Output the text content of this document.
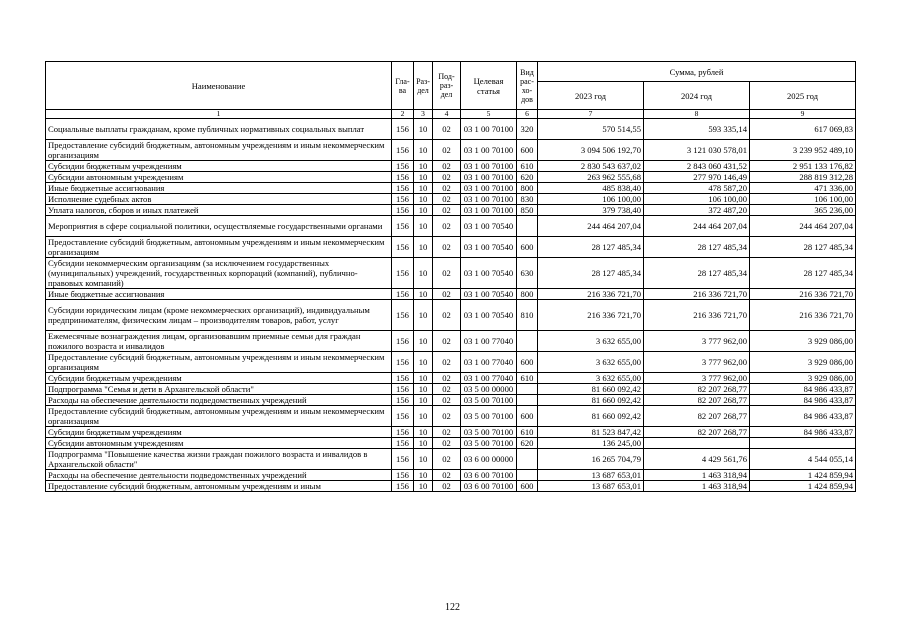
Наименование	Гла-ва	Раз-дел	Под-раз-дел	Целевая статья	Вид рас-хо-дов	Сумма, рублей		
						2023 год	2024 год	2025 год
1	2	3	4	5	6	7	8	9
Социальные выплаты гражданам, кроме публичных нормативных социальных выплат	156	10	02	03 1 00 70100	320	570 514,55	593 335,14	617 069,83
Предоставление субсидий бюджетным, автономным учреждениям и иным некоммерческим организациям	156	10	02	03 1 00 70100	600	3 094 506 192,70	3 121 030 578,01	3 239 952 489,10
Субсидии бюджетным учреждениям	156	10	02	03 1 00 70100	610	2 830 543 637,02	2 843 060 431,52	2 951 133 176,82
Субсидии автономным учреждениям	156	10	02	03 1 00 70100	620	263 962 555,68	277 970 146,49	288 819 312,28
Иные бюджетные ассигнования	156	10	02	03 1 00 70100	800	485 838,40	478 587,20	471 336,00
Исполнение судебных актов	156	10	02	03 1 00 70100	830	106 100,00	106 100,00	106 100,00
Уплата налогов, сборов и иных платежей	156	10	02	03 1 00 70100	850	379 738,40	372 487,20	365 236,00
Мероприятия в сфере социальной политики, осуществляемые государственными органами	156	10	02	03 1 00 70540		244 464 207,04	244 464 207,04	244 464 207,04
Предоставление субсидий бюджетным, автономным учреждениям и иным некоммерческим организациям	156	10	02	03 1 00 70540	600	28 127 485,34	28 127 485,34	28 127 485,34
Субсидии некоммерческим организациям (за исключением государственных (муниципальных) учреждений, государственных корпораций (компаний), публично-правовых компаний)	156	10	02	03 1 00 70540	630	28 127 485,34	28 127 485,34	28 127 485,34
Иные бюджетные ассигнования	156	10	02	03 1 00 70540	800	216 336 721,70	216 336 721,70	216 336 721,70
Субсидии юридическим лицам (кроме некоммерческих организаций), индивидуальным предпринимателям, физическим лицам – производителям товаров, работ, услуг	156	10	02	03 1 00 70540	810	216 336 721,70	216 336 721,70	216 336 721,70
Ежемесячные вознаграждения лицам, организовавшим приемные семьи для граждан пожилого возраста и инвалидов	156	10	02	03 1 00 77040		3 632 655,00	3 777 962,00	3 929 086,00
Предоставление субсидий бюджетным, автономным учреждениям и иным некоммерческим организациям	156	10	02	03 1 00 77040	600	3 632 655,00	3 777 962,00	3 929 086,00
Субсидии бюджетным учреждениям	156	10	02	03 1 00 77040	610	3 632 655,00	3 777 962,00	3 929 086,00
Подпрограмма "Семья и дети в Архангельской области"	156	10	02	03 5 00 00000		81 660 092,42	82 207 268,77	84 986 433,87
Расходы на обеспечение деятельности подведомственных учреждений	156	10	02	03 5 00 70100		81 660 092,42	82 207 268,77	84 986 433,87
Предоставление субсидий бюджетным, автономным учреждениям и иным некоммерческим организациям	156	10	02	03 5 00 70100	600	81 660 092,42	82 207 268,77	84 986 433,87
Субсидии бюджетным учреждениям	156	10	02	03 5 00 70100	610	81 523 847,42	82 207 268,77	84 986 433,87
Субсидии автономным учреждениям	156	10	02	03 5 00 70100	620	136 245,00		
Подпрограмма "Повышение качества жизни граждан пожилого возраста и инвалидов в Архангельской области"	156	10	02	03 6 00 00000		16 265 704,79	4 429 561,76	4 544 055,14
Расходы на обеспечение деятельности подведомственных учреждений	156	10	02	03 6 00 70100		13 687 653,01	1 463 318,94	1 424 859,94
Предоставление субсидий бюджетным, автономным учреждениям и иным	156	10	02	03 6 00 70100	600	13 687 653,01	1 463 318,94	1 424 859,94
122
